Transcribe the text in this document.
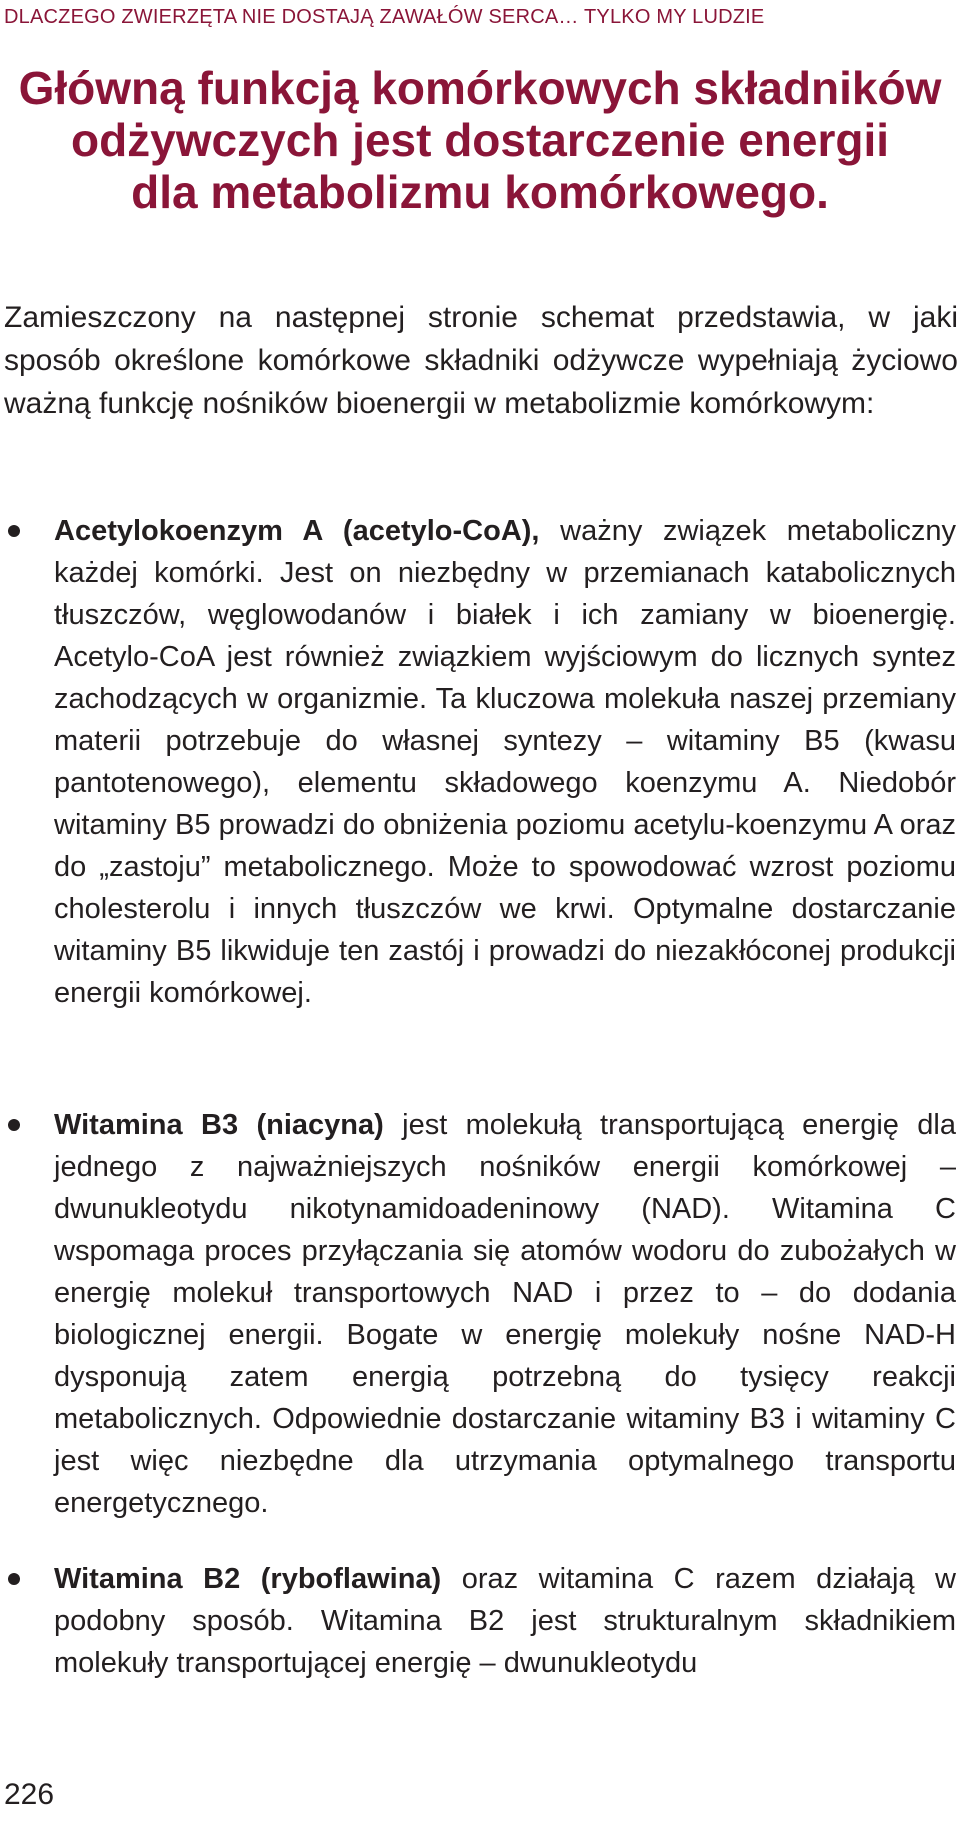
DLACZEGO ZWIERZĘTA NIE DOSTAJĄ ZAWAŁÓW SERCA… TYLKO MY LUDZIE
Główną funkcją komórkowych składników
odżywczych jest dostarczenie energii
dla metabolizmu komórkowego.

Zamieszczony na następnej stronie schemat przedstawia, w jaki sposób określone komórkowe składniki odżywcze wypełniają życiowo ważną funkcję nośników bioenergii w metabolizmie komórkowym:

Acetylokoenzym A (acetylo-CoA), ważny związek metaboliczny każdej komórki. Jest on niezbędny w przemianach katabolicznych tłuszczów, węglowodanów i białek i ich zamiany w bioenergię. Acetylo-CoA jest również związkiem wyjściowym do licznych syntez zachodzących w organizmie. Ta kluczowa molekuła naszej przemiany materii potrzebuje do własnej syntezy – witaminy B5 (kwasu pantotenowego), elementu składowego koenzymu A. Niedobór witaminy B5 prowadzi do obniżenia poziomu acetylu-koenzymu A oraz do „zastoju” metabolicznego. Może to spowodować wzrost poziomu cholesterolu i innych tłuszczów we krwi. Optymalne dostarczanie witaminy B5 likwiduje ten zastój i prowadzi do niezakłóconej produkcji energii komórkowej.

Witamina B3 (niacyna) jest molekułą transportującą energię dla jednego z najważniejszych nośników energii komórkowej – dwunukleotydu nikotynamidoadeninowy (NAD). Witamina C wspomaga proces przyłączania się atomów wodoru do zubożałych w energię molekuł transportowych NAD i przez to – do dodania biologicznej energii. Bogate w energię molekuły nośne NAD-H dysponują zatem energią potrzebną do tysięcy reakcji metabolicznych. Odpowiednie dostarczanie witaminy B3 i witaminy C jest więc niezbędne dla utrzymania optymalnego transportu energetycznego.

Witamina B2 (ryboflawina) oraz witamina C razem działają w podobny sposób. Witamina B2 jest strukturalnym składnikiem molekuły transportującej energię – dwunukleotydu

226
